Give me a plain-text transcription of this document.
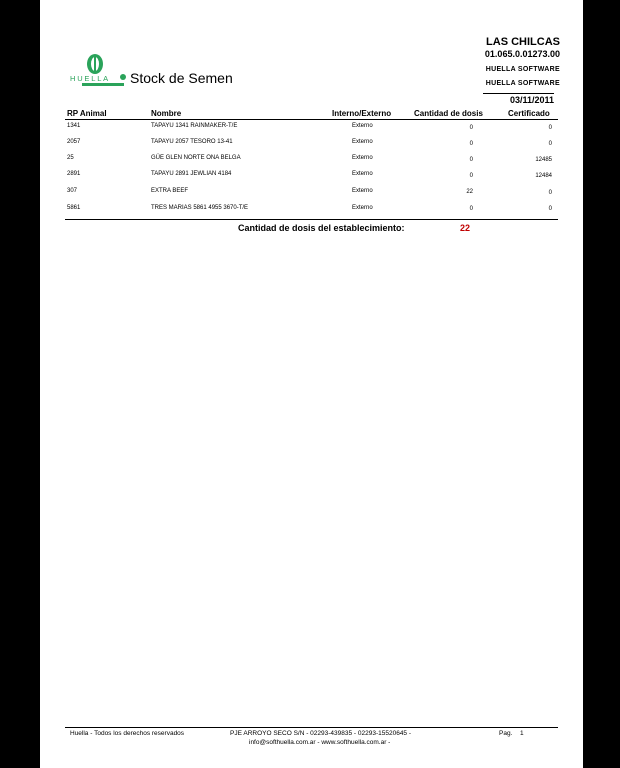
HUELLA Stock de Semen
LAS CHILCAS
01.065.0.01273.00
HUELLA SOFTWARE
HUELLA SOFTWARE
03/11/2011
RP Animal	Nombre	Interno/Externo	Cantidad de dosis	Certificado
1341	TAPAYU 1341 RAINMAKER-T/E	Externo	0	0
2057	TAPAYU 2057 TESORO 13-41	Externo	0	0
25	GÜE GLEN NORTE ONA BELGA	Externo	0	12485
2891	TAPAYU 2891 JEWLIAN 4184	Externo	0	12484
307	EXTRA BEEF	Externo	22	0
5861	TRES MARIAS 5861 4955 3670-T/E	Externo	0	0
Cantidad de dosis del establecimiento:	22
Huella - Todos los derechos reservados	PJE ARROYO SECO S/N - 02293-439835 - 02293-15520645 -
info@softhuella.com.ar - www.softhuella.com.ar -
Pag. 1
